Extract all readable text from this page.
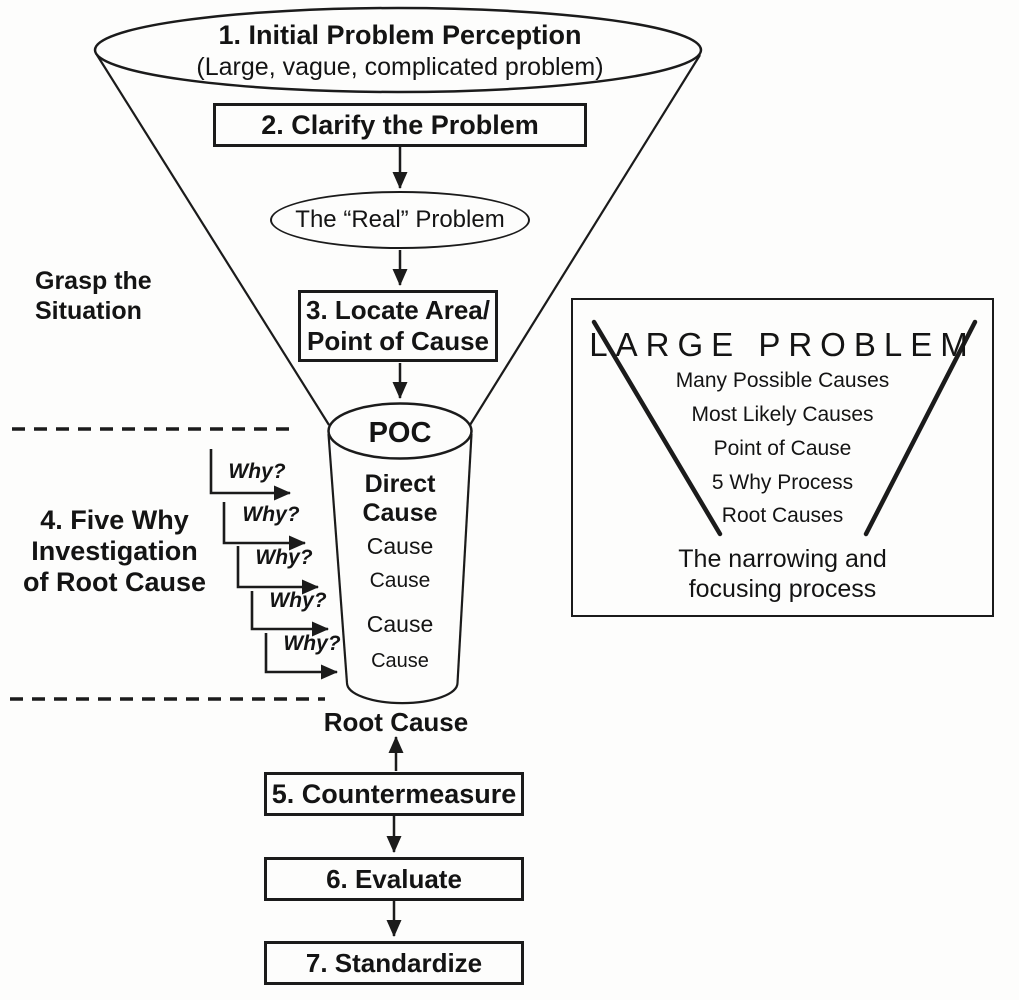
1. Initial Problem Perception
(Large, vague, complicated problem)
2. Clarify the Problem
The “Real” Problem
3. Locate Area/
Point of Cause
POC
Direct
Cause
Cause
Cause
Cause
Cause
Root Cause
5. Countermeasure
6. Evaluate
7. Standardize
Grasp the
Situation
4. Five Why
Investigation
of Root Cause
Why?
Why?
Why?
Why?
Why?
LARGE PROBLEM
Many Possible Causes
Most Likely Causes
Point of Cause
5 Why Process
Root Causes
The narrowing and
focusing process
